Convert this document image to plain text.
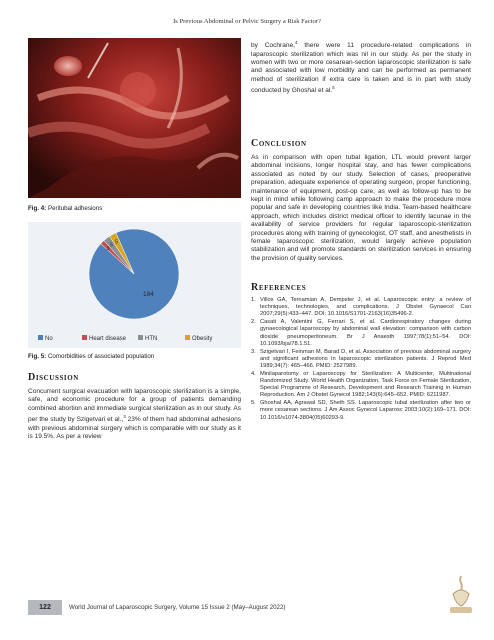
Is Previous Abdominal or Pelvic Surgery a Risk Factor?
Fig. 4: Peritubal adhesions
184
3
5
5
No	Heart disease	HTN	Obesity
Fig. 5: Comorbidities of associated population
by Cochrane,$^4$ there were 11 procedure-related complications in laparoscopic sterilization which was nil in our study. As per the study in women with two or more cesarean-section laparoscopic sterilization is safe and associated with low morbidity and can be performed as permanent method of sterilization if extra care is taken and is in part with study conducted by Ghoshal et al.$^5$
Conclusion
As in comparison with open tubal ligation, LTL would prevent larger abdominal incisions, longer hospital stay, and has fewer complications associated as noted by our study. Selection of cases, preoperative preparation, adequate experience of operating surgeon, proper functioning, maintenance of equipment, post-op care, as well as follow-up has to be kept in mind while following camp approach to make the procedure more popular and safe in developing countries like India. Team-based healthcare approach, which includes district medical officer to identify lacunae in the availability of service providers for regular laparoscopic-sterilization procedures along with training of gynecologist, OT staff, and anesthetists in female laparoscopic sterilization, would largely achieve population stabilization and will promote standards on sterilization services in ensuring the provision of quality services.
References
1. Villos GA, Ternamian A, Dempster J, et al. Laparoscopic entry: a review of techniques, technologies, and complications. J Obstet Gynaecol Can 2007;29(5):433–447. DOI: 10.1016/S1701-2163(16)35496-2.
2. Casati A, Valentini G, Ferrari S, et al. Cardiorespiratory changes during gynaecological laparoscopy by abdominal wall elevation: comparison with carbon dioxide pneumoperitoneum. Br J Anaesth 1997;78(1):51–54. DOI: 10.1093/bja/78.1.51.
3. Szigetvari I, Feinman M, Barad D, et al. Association of previous abdominal surgery and significant adhesions in laparoscopic sterilization patients. J Reprod Med 1989;34(7): 465–466. PMID: 2527989.
4. Minilaparotomy or Laparoscopy for Sterilization: A Multicenter, Multinational Randomized Study. World Health Organization, Task Force on Female Sterilization, Special Programme of Research, Development and Research Training in Human Reproduction. Am J Obstet Gynecol 1982;143(6):645–652. PMID: 6211987.
5. Ghoshal AA, Agrawal SD, Sheth SS. Laparoscopic tubal sterilization after two or more cesarean sections. J Am Assoc Gynecol Laparosc 2003;10(2):169–171. DOI: 10.1016/s1074-3804(05)60293-9.
Discussion
Concurrent surgical evacuation with laparoscopic sterilization is a simple, safe, and economic procedure for a group of patients demanding combined abortion and immediate surgical sterilization as in our study. As per the study by Szigetvari et al.,$^3$ 23% of them had abdominal adhesions with previous abdominal surgery which is comparable with our study as it is 19.5%. As per a review
122	World Journal of Laparoscopic Surgery, Volume 15 Issue 2 (May–August 2022)
